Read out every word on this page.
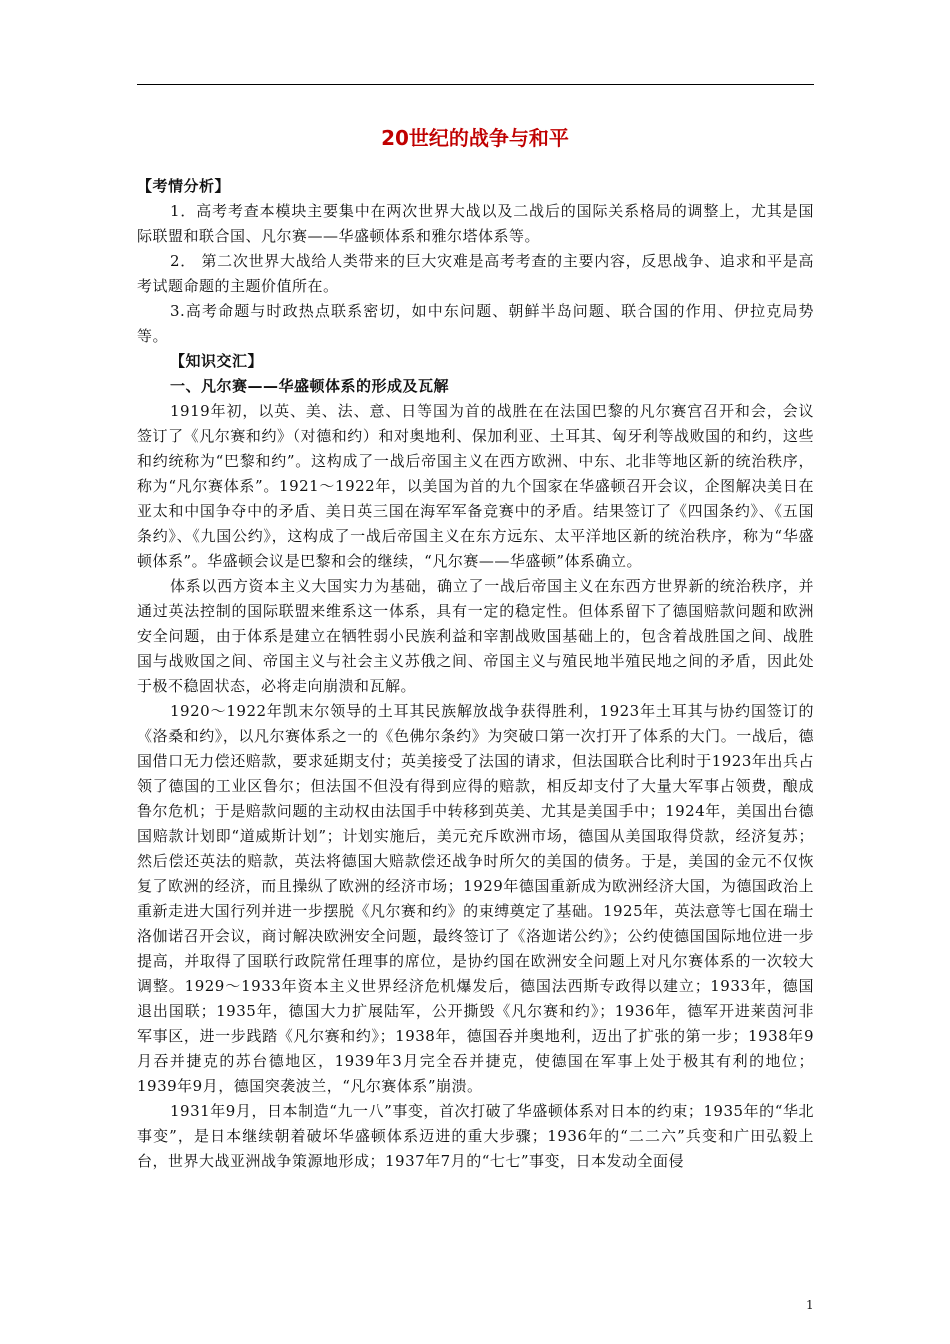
20世纪的战争与和平

【考情分析】

1．高考考查本模块主要集中在两次世界大战以及二战后的国际关系格局的调整上，尤其是国际联盟和联合国、凡尔赛——华盛顿体系和雅尔塔体系等。

2． 第二次世界大战给人类带来的巨大灾难是高考考查的主要内容，反思战争、追求和平是高考试题命题的主题价值所在。

3.高考命题与时政热点联系密切，如中东问题、朝鲜半岛问题、联合国的作用、伊拉克局势等。

【知识交汇】

一、凡尔赛——华盛顿体系的形成及瓦解

1919年初，以英、美、法、意、日等国为首的战胜在在法国巴黎的凡尔赛宫召开和会，会议签订了《凡尔赛和约》（对德和约）和对奥地利、保加利亚、土耳其、匈牙利等战败国的和约，这些和约统称为“巴黎和约”。这构成了一战后帝国主义在西方欧洲、中东、北非等地区新的统治秩序，称为“凡尔赛体系”。1921～1922年，以美国为首的九个国家在华盛顿召开会议，企图解决美日在亚太和中国争夺中的矛盾、美日英三国在海军军备竞赛中的矛盾。结果签订了《四国条约》、《五国条约》、《九国公约》，这构成了一战后帝国主义在东方远东、太平洋地区新的统治秩序，称为“华盛顿体系”。华盛顿会议是巴黎和会的继续，“凡尔赛——华盛顿”体系确立。

体系以西方资本主义大国实力为基础，确立了一战后帝国主义在东西方世界新的统治秩序，并通过英法控制的国际联盟来维系这一体系，具有一定的稳定性。但体系留下了德国赔款问题和欧洲安全问题，由于体系是建立在牺牲弱小民族利益和宰割战败国基础上的，包含着战胜国之间、战胜国与战败国之间、帝国主义与社会主义苏俄之间、帝国主义与殖民地半殖民地之间的矛盾，因此处于极不稳固状态，必将走向崩溃和瓦解。

1920～1922年凯末尔领导的土耳其民族解放战争获得胜利，1923年土耳其与协约国签订的《洛桑和约》，以凡尔赛体系之一的《色佛尔条约》为突破口第一次打开了体系的大门。一战后，德国借口无力偿还赔款，要求延期支付；英美接受了法国的请求，但法国联合比利时于1923年出兵占领了德国的工业区鲁尔；但法国不但没有得到应得的赔款，相反却支付了大量大军事占领费，酿成鲁尔危机；于是赔款问题的主动权由法国手中转移到英美、尤其是美国手中；1924年，美国出台德国赔款计划即“道威斯计划”；计划实施后，美元充斥欧洲市场，德国从美国取得贷款，经济复苏；然后偿还英法的赔款，英法将德国大赔款偿还战争时所欠的美国的债务。于是，美国的金元不仅恢复了欧洲的经济，而且操纵了欧洲的经济市场；1929年德国重新成为欧洲经济大国，为德国政治上重新走进大国行列并进一步摆脱《凡尔赛和约》的束缚奠定了基础。1925年，英法意等七国在瑞士洛伽诺召开会议，商讨解决欧洲安全问题，最终签订了《洛迦诺公约》；公约使德国国际地位进一步提高，并取得了国联行政院常任理事的席位，是协约国在欧洲安全问题上对凡尔赛体系的一次较大调整。1929～1933年资本主义世界经济危机爆发后，德国法西斯专政得以建立；1933年，德国退出国联；1935年，德国大力扩展陆军，公开撕毁《凡尔赛和约》；1936年，德军开进莱茵河非军事区，进一步践踏《凡尔赛和约》；1938年，德国吞并奥地利，迈出了扩张的第一步；1938年9月吞并捷克的苏台德地区，1939年3月完全吞并捷克，使德国在军事上处于极其有利的地位；1939年9月，德国突袭波兰，“凡尔赛体系”崩溃。

1931年9月，日本制造“九一八”事变，首次打破了华盛顿体系对日本的约束；1935年的“华北事变”，是日本继续朝着破坏华盛顿体系迈进的重大步骤；1936年的“二二六”兵变和广田弘毅上台，世界大战亚洲战争策源地形成；1937年7月的“七七”事变，日本发动全面侵

1
